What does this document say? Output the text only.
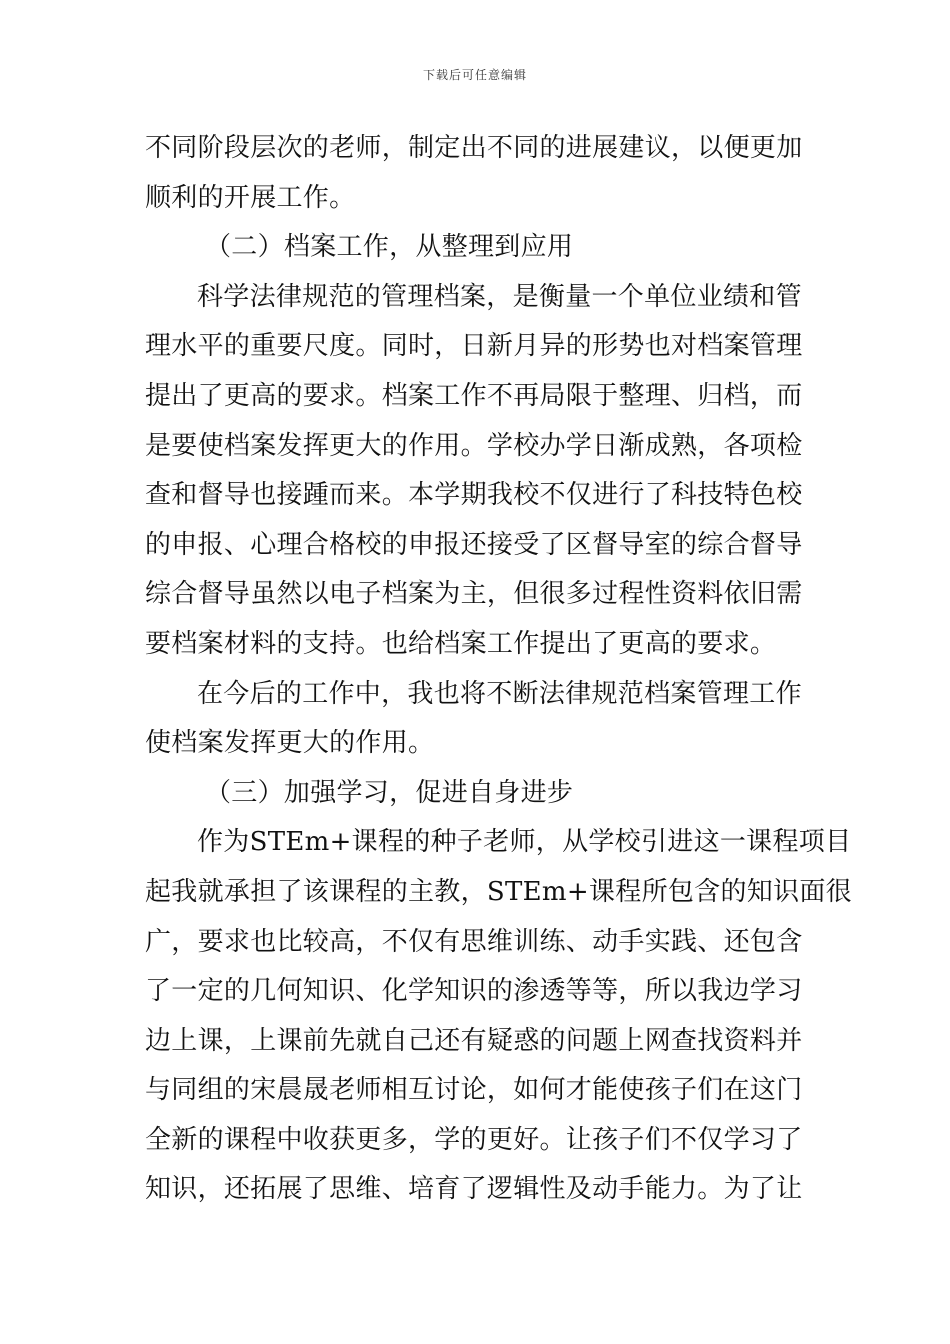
下载后可任意编辑
不同阶段层次的老师，制定出不同的进展建议，以便更加
顺利的开展工作。
（二）档案工作，从整理到应用
科学法律规范的管理档案，是衡量一个单位业绩和管
理水平的重要尺度。同时，日新月异的形势也对档案管理
提出了更高的要求。档案工作不再局限于整理、归档，而
是要使档案发挥更大的作用。学校办学日渐成熟，各项检
查和督导也接踵而来。本学期我校不仅进行了科技特色校
的申报、心理合格校的申报还接受了区督导室的综合督导
综合督导虽然以电子档案为主，但很多过程性资料依旧需
要档案材料的支持。也给档案工作提出了更高的要求。
在今后的工作中，我也将不断法律规范档案管理工作
使档案发挥更大的作用。
（三）加强学习，促进自身进步
作为STEm+课程的种子老师，从学校引进这一课程项目
起我就承担了该课程的主教，STEm+课程所包含的知识面很
广，要求也比较高，不仅有思维训练、动手实践、还包含
了一定的几何知识、化学知识的渗透等等，所以我边学习
边上课，上课前先就自己还有疑惑的问题上网查找资料并
与同组的宋晨晟老师相互讨论，如何才能使孩子们在这门
全新的课程中收获更多，学的更好。让孩子们不仅学习了
知识，还拓展了思维、培育了逻辑性及动手能力。为了让
